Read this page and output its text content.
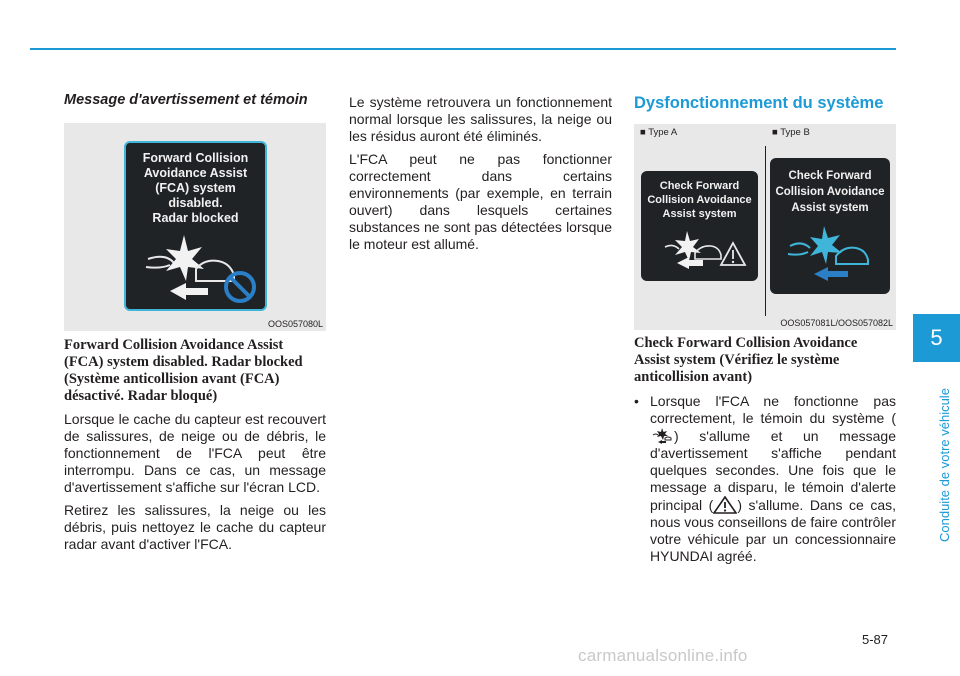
5
Conduite de votre véhicule
Message d'avertissement et témoin
Forward Collision
Avoidance Assist
(FCA) system
disabled.
Radar blocked
OOS057080L
Forward Collision Avoidance Assist (FCA) system disabled. Radar blocked (Système anticollision avant (FCA) désactivé. Radar bloqué)

Lorsque le cache du capteur est recouvert de salissures, de neige ou de débris, le fonctionnement de l'FCA peut être interrompu. Dans ce cas, un message d'avertissement s'affiche sur l'écran LCD.

Retirez les salissures, la neige ou les débris, puis nettoyez le cache du capteur radar avant d'activer l'FCA.

Le système retrouvera un fonctionnement normal lorsque les salissures, la neige ou les résidus auront été éliminés.

L'FCA peut ne pas fonctionner correctement dans certains environnements (par exemple, en terrain ouvert) dans lesquels certaines substances ne sont pas détectées lorsque le moteur est allumé.

Dysfonctionnement du système
■ Type A	■ Type B
Check Forward
Collision Avoidance
Assist system
Check Forward
Collision Avoidance
Assist system
OOS057081L/OOS057082L
Check Forward Collision Avoidance Assist system (Vérifiez le système anticollision avant)

• Lorsque l'FCA ne fonctionne pas correctement, le témoin du système () s'allume et un message d'avertissement s'affiche pendant quelques secondes. Une fois que le message a disparu, le témoin d'alerte principal ( ) s'allume. Dans ce cas, nous vous conseillons de faire contrôler votre véhicule par un concessionnaire HYUNDAI agréé.

5-87
carmanualsonline.info
